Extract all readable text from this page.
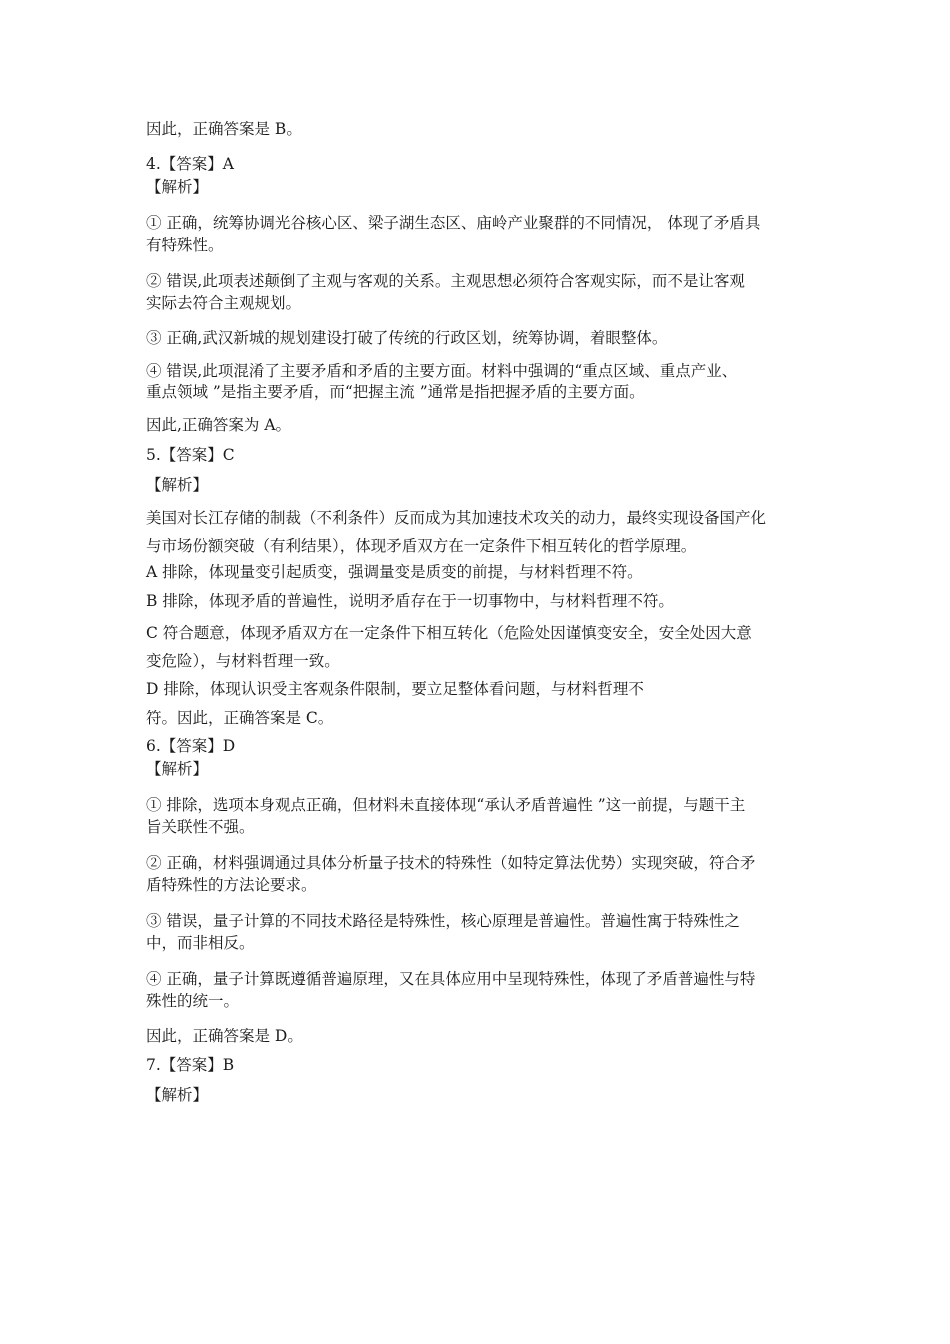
因此，正确答案是 B。

4.【答案】A

【解析】

① 正确，统筹协调光谷核心区、梁子湖生态区、庙岭产业聚群的不同情况， 体现了矛盾具

有特殊性。

② 错误,此项表述颠倒了主观与客观的关系。主观思想必须符合客观实际，而不是让客观

实际去符合主观规划。

③ 正确,武汉新城的规划建设打破了传统的行政区划，统筹协调，着眼整体。

④ 错误,此项混淆了主要矛盾和矛盾的主要方面。材料中强调的“重点区域、重点产业、

重点领域 ”是指主要矛盾，而“把握主流 ”通常是指把握矛盾的主要方面。

因此,正确答案为 A。

5.【答案】C

【解析】

美国对长江存储的制裁（不利条件）反而成为其加速技术攻关的动力，最终实现设备国产化

与市场份额突破（有利结果），体现矛盾双方在一定条件下相互转化的哲学原理。

A 排除，体现量变引起质变，强调量变是质变的前提，与材料哲理不符。

B 排除，体现矛盾的普遍性，说明矛盾存在于一切事物中，与材料哲理不符。

C 符合题意，体现矛盾双方在一定条件下相互转化（危险处因谨慎变安全，安全处因大意

变危险），与材料哲理一致。

D 排除，体现认识受主客观条件限制，要立足整体看问题，与材料哲理不

符。因此，正确答案是 C。

6.【答案】D

【解析】

① 排除，选项本身观点正确，但材料未直接体现“承认矛盾普遍性 ”这一前提，与题干主

旨关联性不强。

② 正确，材料强调通过具体分析量子技术的特殊性（如特定算法优势）实现突破，符合矛

盾特殊性的方法论要求。

③ 错误，量子计算的不同技术路径是特殊性，核心原理是普遍性。普遍性寓于特殊性之

中，而非相反。

④ 正确，量子计算既遵循普遍原理，又在具体应用中呈现特殊性，体现了矛盾普遍性与特

殊性的统一。

因此，正确答案是 D。

7.【答案】B

【解析】
